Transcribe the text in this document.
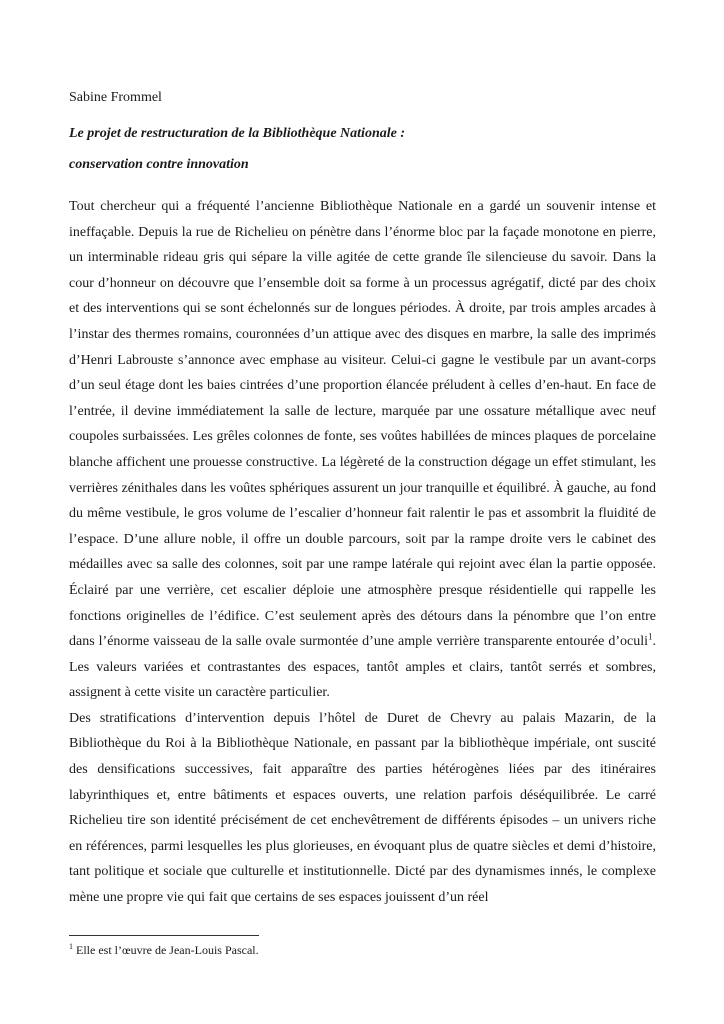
Sabine Frommel
Le projet de restructuration de la Bibliothèque Nationale :
conservation contre innovation

Tout chercheur qui a fréquenté l’ancienne Bibliothèque Nationale en a gardé un souvenir intense et ineffaçable. Depuis la rue de Richelieu on pénètre dans l’énorme bloc par la façade monotone en pierre, un interminable rideau gris qui sépare la ville agitée de cette grande île silencieuse du savoir. Dans la cour d’honneur on découvre que l’ensemble doit sa forme à un processus agrégatif, dicté par des choix et des interventions qui se sont échelonnés sur de longues périodes. À droite, par trois amples arcades à l’instar des thermes romains, couronnées d’un attique avec des disques en marbre, la salle des imprimés d’Henri Labrouste s’annonce avec emphase au visiteur. Celui-ci gagne le vestibule par un avant-corps d’un seul étage dont les baies cintrées d’une proportion élancée préludent à celles d’en-haut. En face de l’entrée, il devine immédiatement la salle de lecture, marquée par une ossature métallique avec neuf coupoles surbaissées. Les grêles colonnes de fonte, ses voûtes habillées de minces plaques de porcelaine blanche affichent une prouesse constructive. La légèreté de la construction dégage un effet stimulant, les verrières zénithales dans les voûtes sphériques assurent un jour tranquille et équilibré. À gauche, au fond du même vestibule, le gros volume de l’escalier d’honneur fait ralentir le pas et assombrit la fluidité de l’espace. D’une allure noble, il offre un double parcours, soit par la rampe droite vers le cabinet des médailles avec sa salle des colonnes, soit par une rampe latérale qui rejoint avec élan la partie opposée. Éclairé par une verrière, cet escalier déploie une atmosphère presque résidentielle qui rappelle les fonctions originelles de l’édifice. C’est seulement après des détours dans la pénombre que l’on entre dans l’énorme vaisseau de la salle ovale surmontée d’une ample verrière transparente entourée d’oculi$^1$. Les valeurs variées et contrastantes des espaces, tantôt amples et clairs, tantôt serrés et sombres, assignent à cette visite un caractère particulier.

Des stratifications d’intervention depuis l’hôtel de Duret de Chevry au palais Mazarin, de la Bibliothèque du Roi à la Bibliothèque Nationale, en passant par la bibliothèque impériale, ont suscité des densifications successives, fait apparaître des parties hétérogènes liées par des itinéraires labyrinthiques et, entre bâtiments et espaces ouverts, une relation parfois déséquilibrée. Le carré Richelieu tire son identité précisément de cet enchevêtrement de différents épisodes – un univers riche en références, parmi lesquelles les plus glorieuses, en évoquant plus de quatre siècles et demi d’histoire, tant politique et sociale que culturelle et institutionnelle. Dicté par des dynamismes innés, le complexe mène une propre vie qui fait que certains de ses espaces jouissent d’un réel

$^1$ Elle est l’œuvre de Jean-Louis Pascal.
